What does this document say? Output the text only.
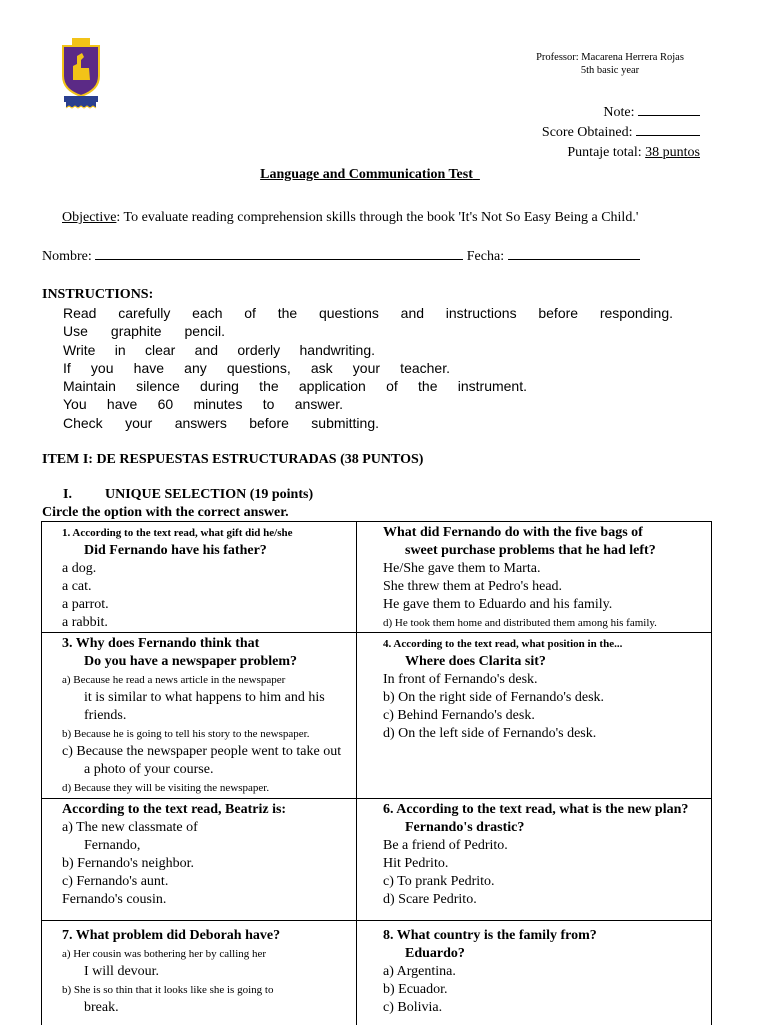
Professor: Macarena Herrera Rojas
5th basic year
Note:
Score Obtained:
Puntaje total: 38 puntos
Language and Communication Test
Objective: To evaluate reading comprehension skills through the book 'It's Not So Easy Being a Child.'
Nombre:	Fecha:
INSTRUCTIONS:
Read carefully each of the questions and instructions before responding.
Use graphite pencil.
Write in clear and orderly handwriting.
If you have any questions, ask your teacher.
Maintain silence during the application of the instrument.
You have 60 minutes to answer.
Check your answers before submitting.
ITEM I: DE RESPUESTAS ESTRUCTURADAS (38 PUNTOS)
I. UNIQUE SELECTION (19 points)
Circle the option with the correct answer.
1. According to the text read, what gift did he/she
Did Fernando have his father?
a dog.
a cat.
a parrot.
a rabbit.
What did Fernando do with the five bags of
sweet purchase problems that he had left?
He/She gave them to Marta.
She threw them at Pedro's head.
He gave them to Eduardo and his family.
d) He took them home and distributed them among his family.
3. Why does Fernando think that
Do you have a newspaper problem?
a) Because he read a news article in the newspaper
it is similar to what happens to him and his
friends.
b) Because he is going to tell his story to the newspaper.
c) Because the newspaper people went to take out
a photo of your course.
d) Because they will be visiting the newspaper.
4. According to the text read, what position in the...
Where does Clarita sit?
In front of Fernando's desk.
b) On the right side of Fernando's desk.
c) Behind Fernando's desk.
d) On the left side of Fernando's desk.
According to the text read, Beatriz is:
a) The new classmate of
Fernando,
b) Fernando's neighbor.
c) Fernando's aunt.
Fernando's cousin.
6. According to the text read, what is the new plan?
Fernando's drastic?
Be a friend of Pedrito.
Hit Pedrito.
c) To prank Pedrito.
d) Scare Pedrito.
7. What problem did Deborah have?
a) Her cousin was bothering her by calling her
I will devour.
b) She is so thin that it looks like she is going to
break.
8. What country is the family from?
Eduardo?
a) Argentina.
b) Ecuador.
c) Bolivia.
